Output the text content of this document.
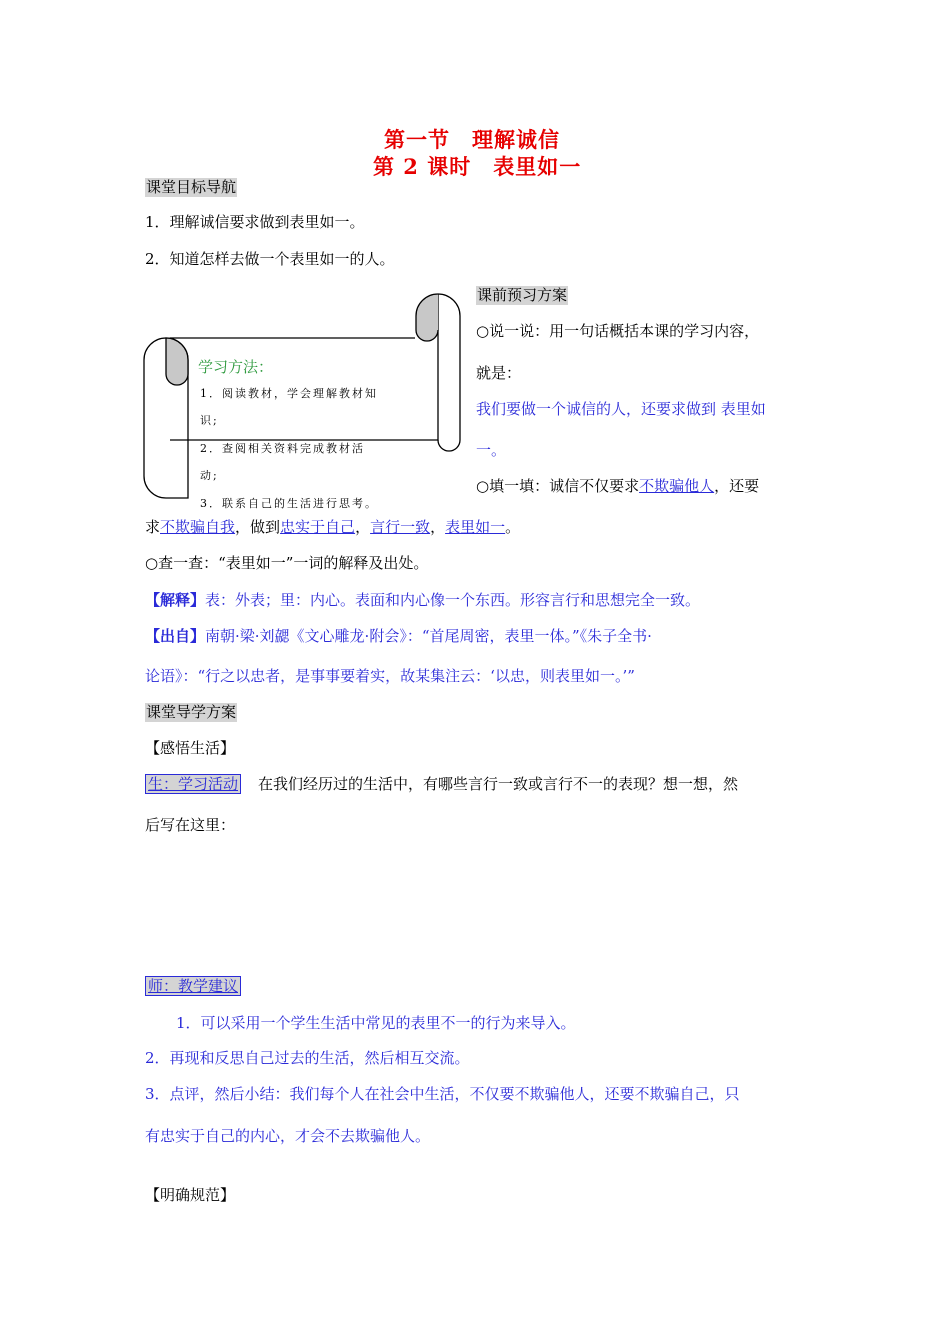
第一节　理解诚信
第 2 课时　表里如一
课堂目标导航
1．理解诚信要求做到表里如一。
2．知道怎样去做一个表里如一的人。
学习方法：
1．阅读教材，学会理解教材知
识;
2．查阅相关资料完成教材活
动;
3．联系自己的生活进行思考。
课前预习方案
○说一说：用一句话概括本课的学习内容，
就是：
我们要做一个诚信的人，还要求做到 表里如
一。
○填一填：诚信不仅要求不欺骗他人，还要
求不欺骗自我，做到忠实于自己，言行一致，表里如一。
○查一查：“表里如一”一词的解释及出处。
【解释】表：外表；里：内心。表面和内心像一个东西。形容言行和思想完全一致。
【出自】南朝·梁·刘勰《文心雕龙·附会》：“首尾周密，表里一体。”《朱子全书·
论语》：“行之以忠者，是事事要着实，故某集注云：‘以忠，则表里如一。’”
课堂导学方案
【感悟生活】
生：学习活动 在我们经历过的生活中，有哪些言行一致或言行不一的表现？想一想，然
后写在这里：
师：教学建议
1．可以采用一个学生生活中常见的表里不一的行为来导入。
2．再现和反思自己过去的生活，然后相互交流。
3．点评，然后小结：我们每个人在社会中生活，不仅要不欺骗他人，还要不欺骗自己，只
有忠实于自己的内心，才会不去欺骗他人。
【明确规范】
